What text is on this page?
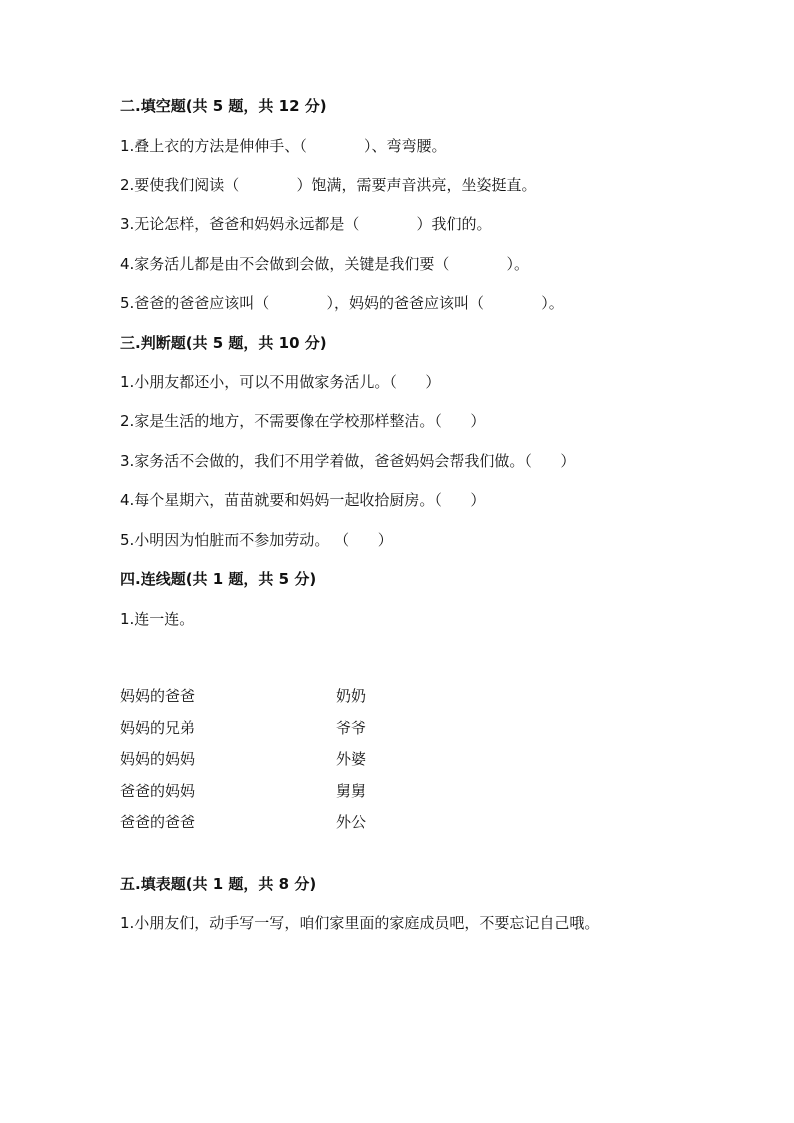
二.填空题(共 5 题，共 12 分)
1.叠上衣的方法是伸伸手、（            ）、弯弯腰。
2.要使我们阅读（            ）饱满，需要声音洪亮，坐姿挺直。
3.无论怎样，爸爸和妈妈永远都是（            ）我们的。
4.家务活儿都是由不会做到会做，关键是我们要（            ）。
5.爸爸的爸爸应该叫（            ），妈妈的爸爸应该叫（            ）。
三.判断题(共 5 题，共 10 分)
1.小朋友都还小，可以不用做家务活儿。（      ）
2.家是生活的地方，不需要像在学校那样整洁。（      ）
3.家务活不会做的，我们不用学着做，爸爸妈妈会帮我们做。（      ）
4.每个星期六，苗苗就要和妈妈一起收拾厨房。（      ）
5.小明因为怕脏而不参加劳动。 （      ）
四.连线题(共 1 题，共 5 分)
1.连一连。
妈妈的爸爸
妈妈的兄弟
妈妈的妈妈
爸爸的妈妈
爸爸的爸爸
奶奶
爷爷
外婆
舅舅
外公
五.填表题(共 1 题，共 8 分)
1.小朋友们，动手写一写，咱们家里面的家庭成员吧，不要忘记自己哦。
